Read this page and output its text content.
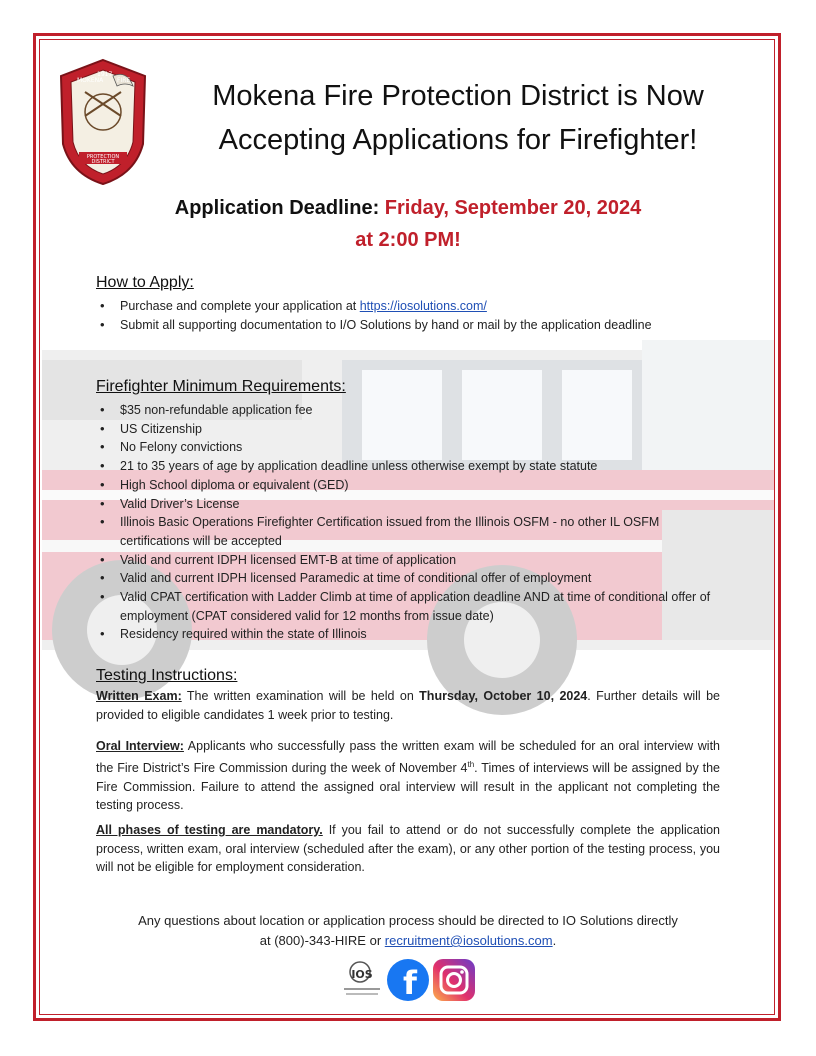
MOKENA
1917
FIRE
PROTECTION
DISTRICT
Mokena Fire Protection District is Now
Accepting Applications for Firefighter!
Application Deadline: Friday, September 20, 2024
at 2:00 PM!
How to Apply:
• Purchase and complete your application at https://iosolutions.com/
• Submit all supporting documentation to I/O Solutions by hand or mail by the application deadline
Firefighter Minimum Requirements:
• $35 non-refundable application fee
• US Citizenship
• No Felony convictions
• 21 to 35 years of age by application deadline unless otherwise exempt by state statute
• High School diploma or equivalent (GED)
• Valid Driver’s License
• Illinois Basic Operations Firefighter Certification issued from the Illinois OSFM - no other IL OSFM certifications will be accepted
• Valid and current IDPH licensed EMT-B at time of application
• Valid and current IDPH licensed Paramedic at time of conditional offer of employment
• Valid CPAT certification with Ladder Climb at time of application deadline AND at time of conditional offer of employment (CPAT considered valid for 12 months from issue date)
• Residency required within the state of Illinois
Testing Instructions:
Written Exam: The written examination will be held on Thursday, October 10, 2024. Further details will be provided to eligible candidates 1 week prior to testing.
Oral Interview: Applicants who successfully pass the written exam will be scheduled for an oral interview with the Fire District’s Fire Commission during the week of November 4th. Times of interviews will be assigned by the Fire Commission. Failure to attend the assigned oral interview will result in the applicant not completing the testing process.
All phases of testing are mandatory. If you fail to attend or do not successfully complete the application process, written exam, oral interview (scheduled after the exam), or any other portion of the testing process, you will not be eligible for employment consideration.
Any questions about location or application process should be directed to IO Solutions directly
at (800)-343-HIRE or recruitment@iosolutions.com.
IOS f
